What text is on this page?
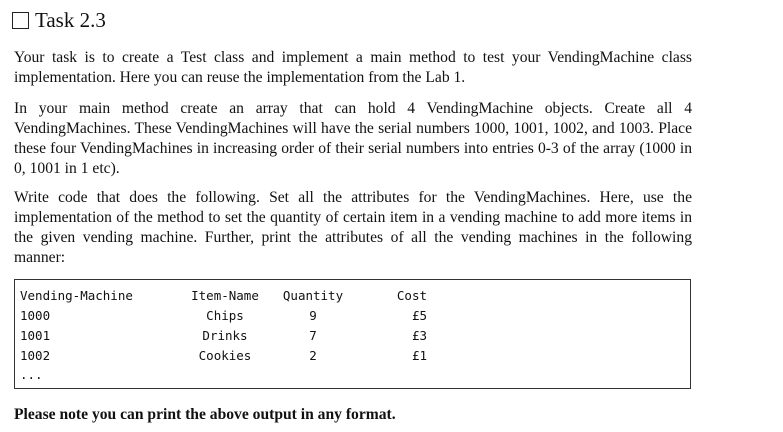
Task 2.3

Your task is to create a Test class and implement a main method to test your VendingMachine class implementation. Here you can reuse the implementation from the Lab 1.

In your main method create an array that can hold 4 VendingMachine objects. Create all 4 VendingMachines. These VendingMachines will have the serial numbers 1000, 1001, 1002, and 1003. Place these four VendingMachines in increasing order of their serial numbers into entries 0-3 of the array (1000 in 0, 1001 in 1 etc).

Write code that does the following. Set all the attributes for the VendingMachines. Here, use the implementation of the method to set the quantity of certain item in a vending machine to add more items in the given vending machine. Further, print the attributes of all the vending machines in the following manner:

Vending-Machine	Item-Name	Quantity	Cost
1000	Chips	9	£5
1001	Drinks	7	£3
1002	Cookies	2	£1
...			

Please note you can print the above output in any format.
